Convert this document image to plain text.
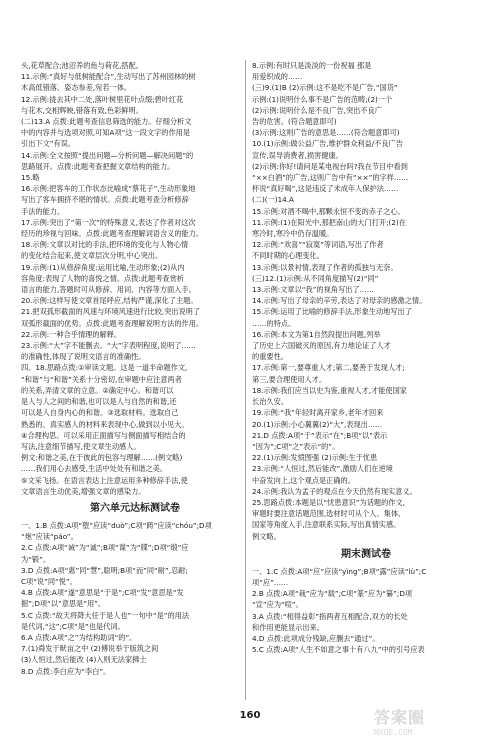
头,花草配合;池沼养的鱼与荷花,搭配。
11.示例:“真好与低树能配合”,生动写出了苏州园林的树
木高低错落、姿态参差,宛若一体。
12.示例:拢去其中二处,落叶树里花叶点缀;碧叶红花
与花木,交相辉映,错落有致,色彩鲜明。
(二)13.A 点拨:此题考查信息筛选的能力。仔细分析文
中的内容并与选项对照,可知A项“这一段文字的作用是
引出下文”有误。
14.示例:全文按照“提出问题—分析问题—解决问题”的
思路展开。点拨:此题考查把握文章结构的能力。
15.略
16.示例:把客车的工作状态比喻成“蔡花子”,生动形象地
写出了客车拥挤不堪的情状。点拨:此题考查分析修辞
手法的能力。
17.示例:突出了“第一次”的特殊意义,表达了作者对这次
经历的珍视与回味。点拨:此题考查理解词语含义的能力。
18.示例:文章以对比的手法,把环境的变化与人物心情
的变化结合起来,使文章层次分明,中心突出。
19.示例:(1)从修辞角度:运用比喻,生动形象;(2)从内
容角度:表现了人物的喜悦之情。点拨:此题考查赏析
语言的能力,答题时可从修辞、用词、内容等方面入手。
20.示例:这样写使文章首尾呼应,结构严谨,深化了主题。
21.把双孤形截面的风速与环境风速进行比较,突出说明了
双弧形截面的优势。点拨:此题考查理解说明方法的作用。
22.示例:一种合乎情理的解释。
23.示例:“大”字不能删去。“大”字表明程度,说明了……
的准确性,体现了说明文语言的准确性。
四、18.思路点拨:①审读文题。这是一道半命题作文,
“和谐”与“和谐”关系十分密切,在审题中应注意两者
的关系,弄清文章的立意。②确定中心。和谐可以
是人与人之间的和谐,也可以是人与自然的和谐,还
可以是人自身内心的和谐。③选取材料。选取自己
熟悉的、真实感人的材料来表现中心,做到以小见大。
④合理构思。可以采用正面描写与侧面描写相结合的
写法,注意细节描写,使文章生动感人。
例文:和谐之美,在于彼此的包容与理解……(例文略)
……我们用心去感受,生活中处处有和谐之美。
⑤文采飞扬。在语言表达上注意运用多种修辞手法,使
文章语言生动优美,增强文章的感染力。
第六单元达标测试卷
一、1.B 点拨:A项“堕”应读“duò”;C项“踌”应读“chóu”;D项
“炮”应读“páo”。
2.C 点拨:A项“诫”为“诚”;B项“谍”为“牒”;D项“缎”应
为“锻”。
3.D 点拨:A项“惠”同“慧”,聪明;B项“而”同“耐”,忍耐;
C项“说”同“悦”。
4.B 点拨:A项“遂”意思是“于是”;C项“发”意思是“发
掘”;D项“以”意思是“用”。
5.C 点拨:“故天将降大任于是人也”一句中“是”的用法
是代词,“这”;C项“是”也是代词。
6.A 点拨:A项“之”为结构助词“的”。
7.(1)舜发于畎亩之中 (2)傅说举于版筑之间
(3)人恒过,然后能改 (4)入则无法家拂士
8.D 点拨:李白应为“李白”。
8.示例:有时只是淡淡的一份祝福 那是
用爱织成的……
(三)9.(1)B (2)示例:这不是吃不是广告,“国货”
示例:(1)说明什么事不是广告的范畴;(2)一个
(2)示例:说明什么是不良广告,突出不良广
告的危害。(符合题意即可)
(3)示例:这则广告的意思是……(符合题意即可)
10.(1)示例:做公益广告,维护群众利益/不良广告
宣传,误导消费者,损害健康。
(2)示例:你好!请问是某电视台吗?我在节目中看到
“××白酒”的广告,这则广告中有“××”的字样……
杯说“真好喝”,这是违反了未成年人保护法……
(二)(一)14.A
15.示例:对酒不喝中,那颗永恒不变的赤子之心。
11.示例:(1)在阳光中,那把南山的大门打开;(2)在
寒冷时,寒冷中仍存温暖。
12.示例:“欢喜”“寂寞”等词语,写出了作者
不同时期的心理变化。
13.示例:以景衬情,表现了作者的孤独与无奈。
(三)12.(1)示例:从不同角度描写(2)“同”
13.示例:文章以“我”的视角写出了……
14.示例:写出了母亲的辛劳,表达了对母亲的感激之情。
15.示例:运用了比喻的修辞手法,形象生动地写出了
……的特点。
16.示例:本文为第1自然段提出问题,列举
了历史上六国破灭的原因,有力地论证了人才
的重要性。
17.示例:第一,要尊重人才;第二,要善于发现人才;
第三,要合理使用人才。
18.示例:我们应当以史为鉴,重视人才,才能使国家
长治久安。
19.示例:“我”年轻时离开家乡,老年才回来
20.(1)示例:小心翼翼(2)“大”,表现出……
21.D 点拨:A项“于”表示“在”;B项“以”表示
“因为”;C项“之”表示“的”。
22.(1)示例:发愤图强 (2)示例:生于忧患
23.示例:“人恒过,然后能改”,激励人们在逆境
中奋发向上,这个观点是正确的。
24.示例:我认为孟子的观点在今天仍然有现实意义。
25.思路点拨:本题是以“忧患意识”为话题的作文,
审题时要注意话题范围,选材时可从个人、集体、
国家等角度入手,注意联系实际,写出真情实感。
例文略。
期末测试卷
一、1.C 点拨:A项“应”应读“yìng”;B项“露”应读“lù”;C
项“应”……
2.B 点拨:A项“栽”应为“载”;C项“篆”应为“纂”;D项
“宣”应为“喧”。
3.A 点拨:“相得益彰”指两者互相配合,双方的长处
和作用更能显示出来。
4.D 点拨:此项成分残缺,应删去“通过”。
5.C 点拨:A项“人生不如意之事十有八九”中的引号应表
160	答案圈
MXQE.COM
